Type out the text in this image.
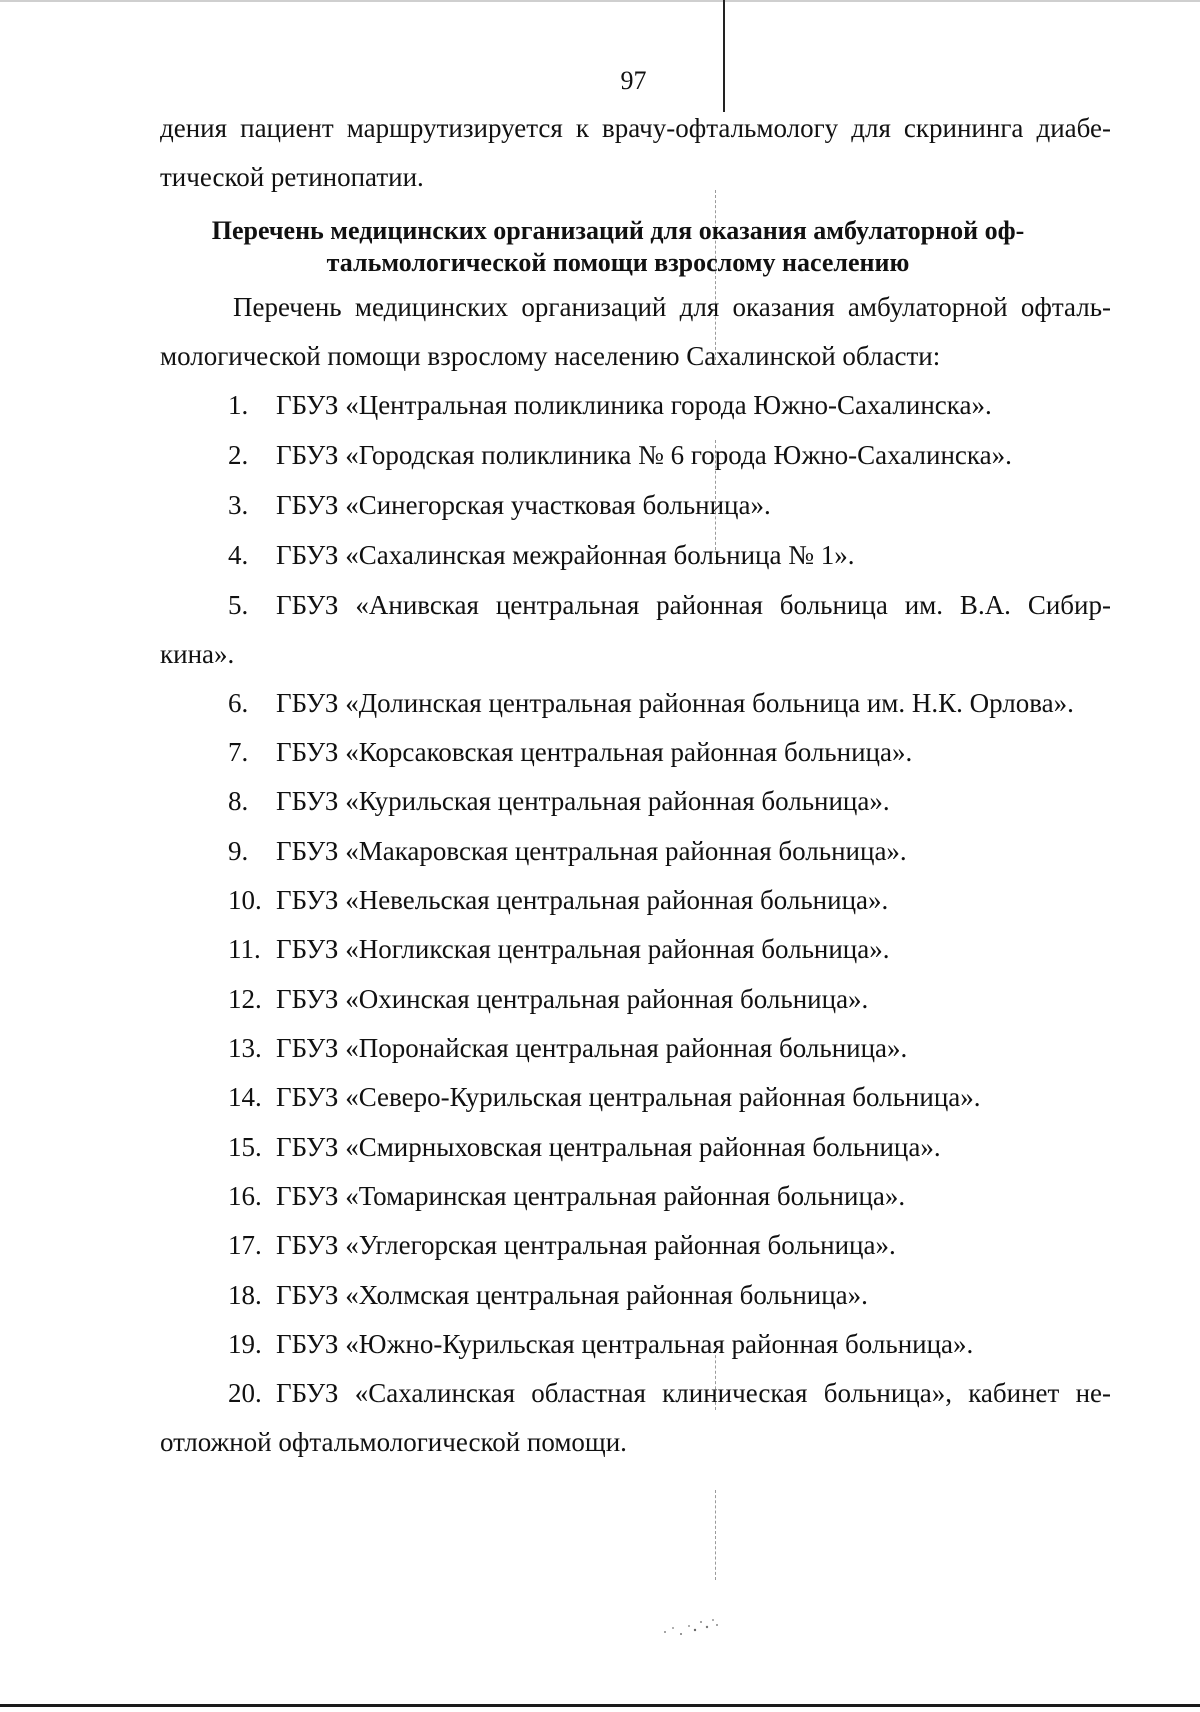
97
дения пациент маршрутизируется к врачу-офтальмологу для скрининга диабе-
тической ретинопатии.
Перечень медицинских организаций для оказания амбулаторной оф-
тальмологической помощи взрослому населению
Перечень медицинских организаций для оказания амбулаторной офталь-
мологической помощи взрослому населению Сахалинской области:
1. ГБУЗ «Центральная поликлиника города Южно-Сахалинска».
2. ГБУЗ «Городская поликлиника № 6 города Южно-Сахалинска».
3. ГБУЗ «Синегорская участковая больница».
4. ГБУЗ «Сахалинская межрайонная больница № 1».
5.	ГБУЗ «Анивская центральная районная больница им. В.А. Сибир-
кина».
6. ГБУЗ «Долинская центральная районная больница им. Н.К. Орлова».
7. ГБУЗ «Корсаковская центральная районная больница».
8. ГБУЗ «Курильская центральная районная больница».
9. ГБУЗ «Макаровская центральная районная больница».
10. ГБУЗ «Невельская центральная районная больница».
11. ГБУЗ «Ногликская центральная районная больница».
12. ГБУЗ «Охинская центральная районная больница».
13. ГБУЗ «Поронайская центральная районная больница».
14. ГБУЗ «Северо-Курильская центральная районная больница».
15. ГБУЗ «Смирныховская центральная районная больница».
16. ГБУЗ «Томаринская центральная районная больница».
17. ГБУЗ «Углегорская центральная районная больница».
18. ГБУЗ «Холмская центральная районная больница».
19. ГБУЗ «Южно-Курильская центральная районная больница».
20. ГБУЗ «Сахалинская областная клиническая больница», кабинет не-
отложной офтальмологической помощи.
